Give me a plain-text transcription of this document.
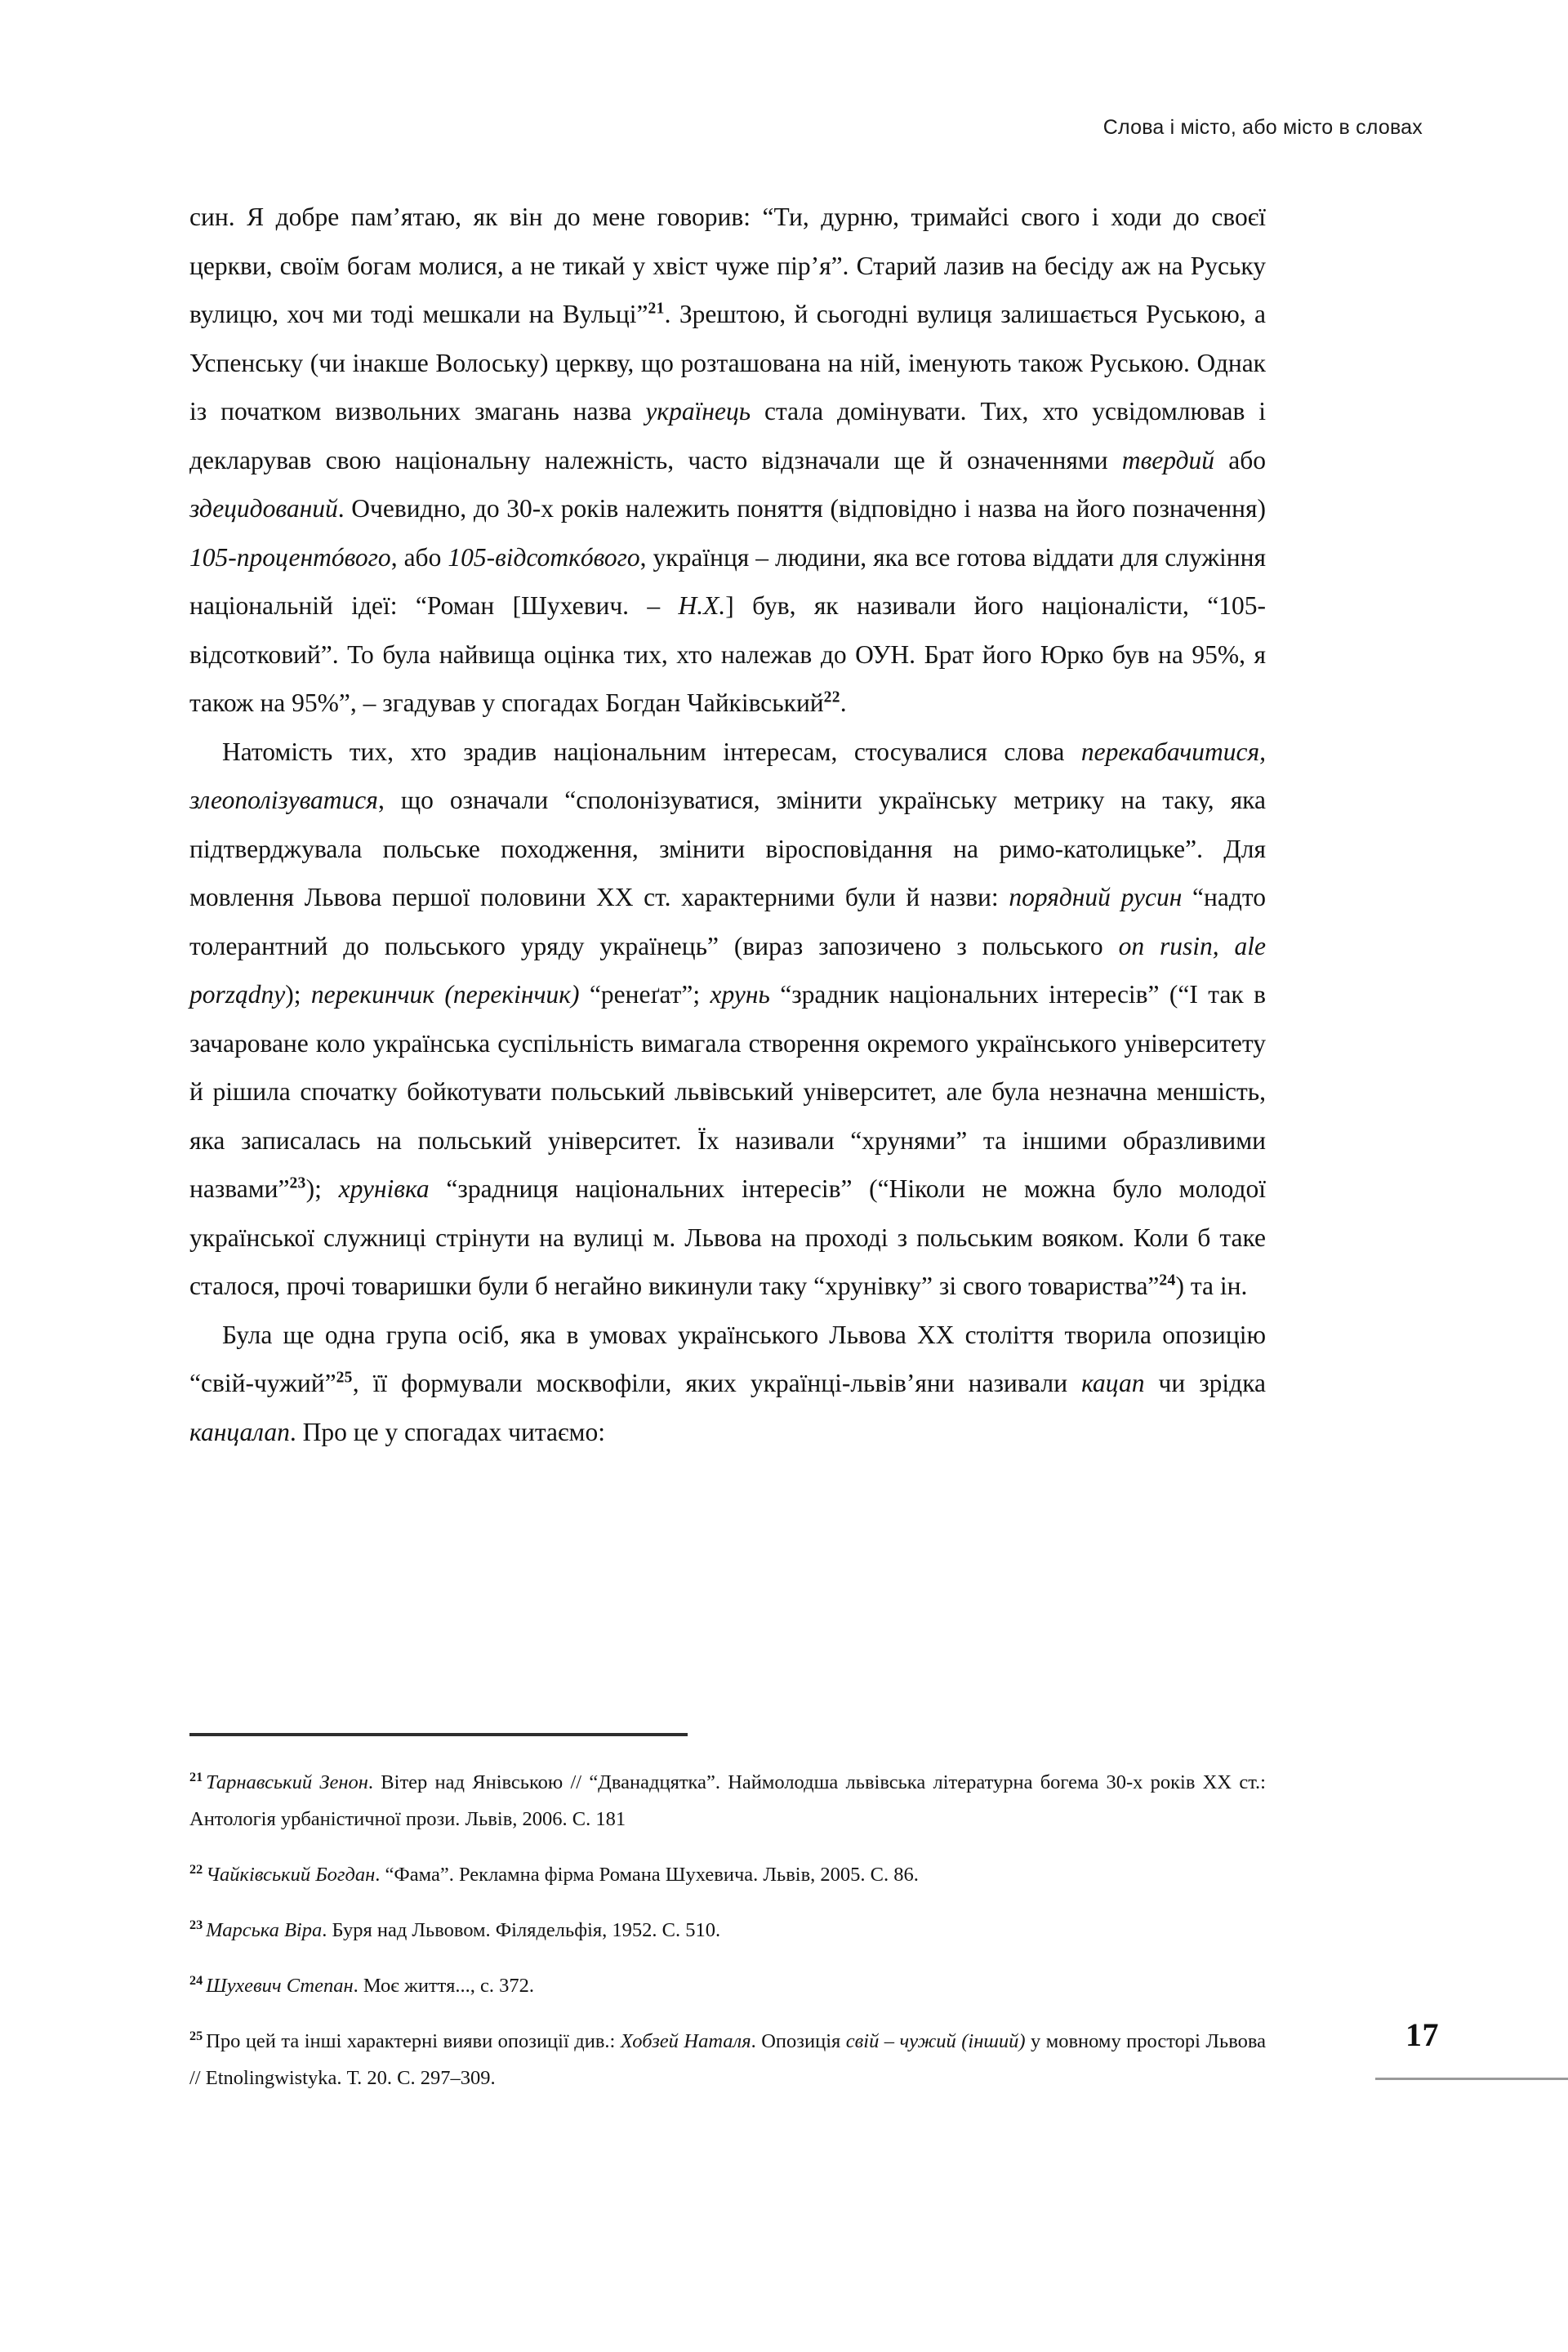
Слова і місто, або місто в словах

син. Я добре пам’ятаю, як він до мене говорив: “Ти, дурню, тримайсі свого і ходи до своєї церкви, своїм богам молися, а не тикай у хвіст чуже пір’я”. Старий лазив на бесіду аж на Руську вулицю, хоч ми тоді мешкали на Вульці”$^{21}$. Зрештою, й сьогодні вулиця залишається Руською, а Успенську (чи інакше Волоську) церкву, що розташована на ній, іменують також Руською. Однак із початком визвольних змагань назва українець стала домінувати. Тих, хто усвідомлював і декларував свою національну належність, часто відзначали ще й означеннями твердий або здецидований. Очевидно, до 30-х років належить поняття (відповідно і назва на його позначення) 105-процентóвого, або 105-відсоткóвого, українця – людини, яка все готова віддати для служіння національній ідеї: “Роман [Шухевич. – Н.Х.] був, як називали його націоналісти, “105-відсотковий”. То була найвища оцінка тих, хто належав до ОУН. Брат його Юрко був на 95%, я також на 95%”, – згадував у спогадах Богдан Чайківський$^{22}$.

Натомість тих, хто зрадив національним інтересам, стосувалися слова перекабачитися, злеополізуватися, що означали “сполонізуватися, змінити українську метрику на таку, яка підтверджувала польське походження, змінити віросповідання на римо-католицьке”. Для мовлення Львова першої половини XX ст. характерними були й назви: порядний русин “надто толерантний до польського уряду українець” (вираз запозичено з польського on rusin, ale porządny); перекинчик (перекінчик) “ренеґат”; хрунь “зрадник національних інтересів” (“І так в зачароване коло українська суспільність вимагала створення окремого українського університету й рішила спочатку бойкотувати польський львівський університет, але була незначна меншість, яка записалась на польський університет. Їх називали “хрунями” та іншими образливими назвами”$^{23}$); хрунівка “зрадниця національних інтересів” (“Ніколи не можна було молодої української служниці стрінути на вулиці м. Львова на проході з польським вояком. Коли б таке сталося, прочі товаришки були б негайно викинули таку “хрунівку” зі свого товариства”$^{24}$) та ін.

Була ще одна група осіб, яка в умовах українського Львова XX століття творила опозицію “свій-чужий”$^{25}$, її формували москвофіли, яких українці-львів’яни називали кацап чи зрідка канцалап. Про це у спогадах читаємо:

$^{21}$ Тарнавський Зенон. Вітер над Янівською // “Дванадцятка”. Наймолодша львівська літературна богема 30-х років XX ст.: Антологія урбаністичної прози. Львів, 2006. С. 181

$^{22}$ Чайківський Богдан. “Фама”. Рекламна фірма Романа Шухевича. Львів, 2005. С. 86.

$^{23}$ Марська Віра. Буря над Львовом. Філядельфія, 1952. С. 510.

$^{24}$ Шухевич Степан. Моє життя..., с. 372.

$^{25}$ Про цей та інші характерні вияви опозиції див.: Хобзей Наталя. Опозиція свій – чужий (інший) у мовному просторі Львова // Etnolingwistyka. Т. 20. С. 297–309.

17
